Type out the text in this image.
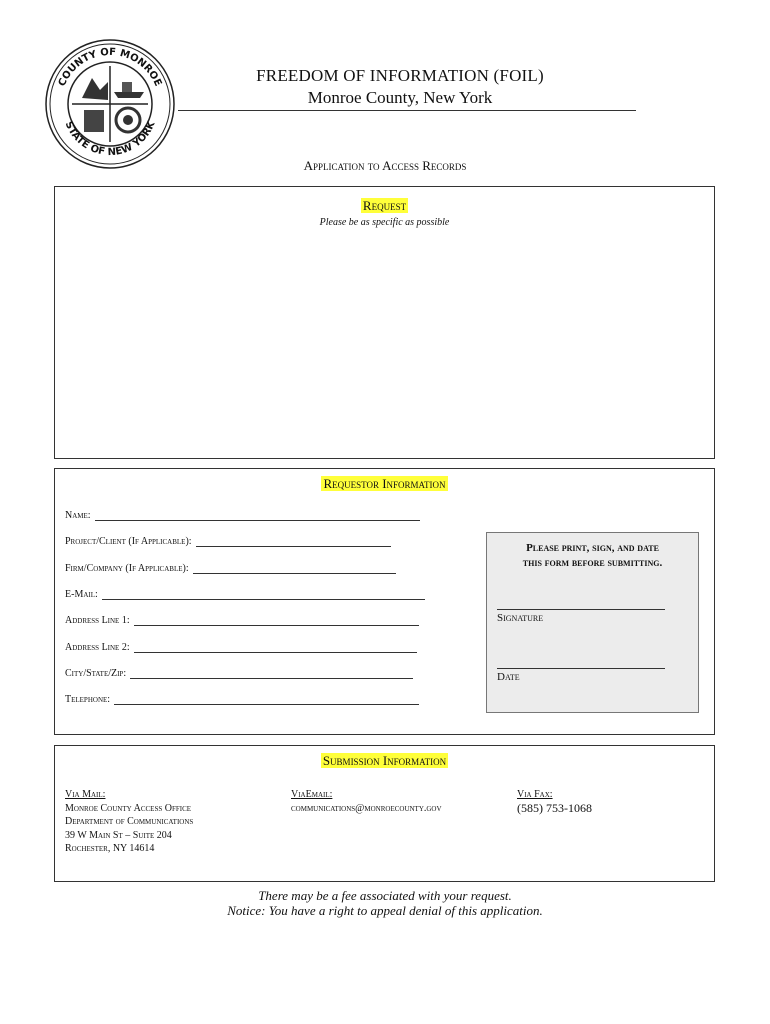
COUNTY OF MONROE
STATE OF NEW YORK
FREEDOM OF INFORMATION (FOIL)
Monroe County, New York
Application to Access Records
Request
Please be as specific as possible
Requestor Information
Name:
Project/Client (If Applicable):
Firm/Company (If Applicable):
E-Mail:
Address Line 1:
Address Line 2:
City/State/Zip:
Telephone:
Please print, sign, and date
this form before submitting.
Signature
Date
Submission Information
Via Mail:
Monroe County Access Office
Department of Communications
39 W Main St – Suite 204
Rochester, NY 14614
ViaEmail:
communications@monroecounty.gov
Via Fax:
(585) 753-1068
There may be a fee associated with your request.
Notice: You have a right to appeal denial of this application.
